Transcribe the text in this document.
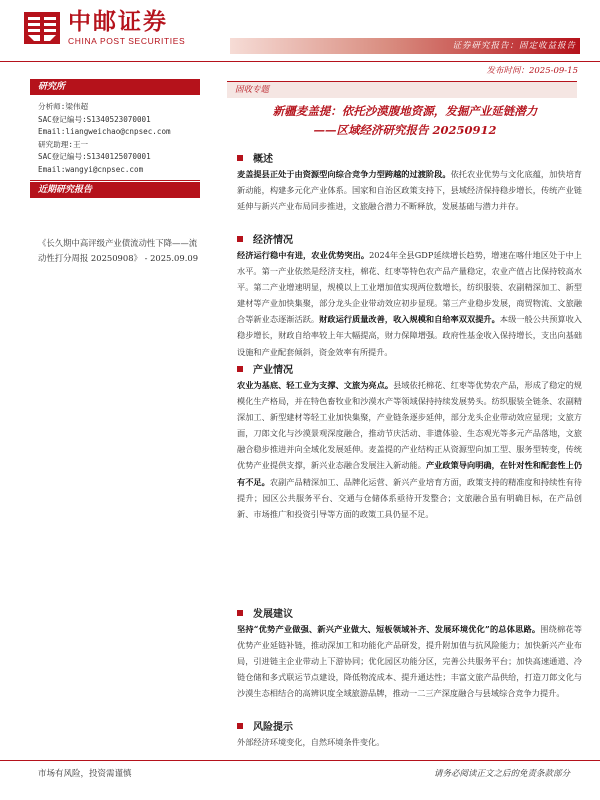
中邮证券
CHINA POST SECURITIES
证券研究报告：固定收益报告
发布时间：2025-09-15
研究所
分析师:梁伟超
SAC登记编号:S1340523070001
Email:liangweichao@cnpsec.com
研究助理:王一
SAC登记编号:S1340125070001
Email:wangyi@cnpsec.com
近期研究报告
《长久期中高评级产业债流动性下降——流动性打分周报 20250908》 - 2025.09.09
固收专题
新疆麦盖提：依托沙漠腹地资源，发掘产业延链潜力
——区域经济研究报告 20250912
概述
麦盖提县正处于由资源型向综合竞争力型跨越的过渡阶段。依托农业优势与文化底蕴，加快培育新动能，构建多元化产业体系。国家和自治区政策支持下，县域经济保持稳步增长，传统产业链延伸与新兴产业布局同步推进，文旅融合潜力不断释放，发展基础与潜力并存。
经济情况
经济运行稳中有进，农业优势突出。2024年全县GDP延续增长趋势，增速在喀什地区处于中上水平。第一产业依然是经济支柱，棉花、红枣等特色农产品产量稳定，农业产值占比保持较高水平。第二产业增速明显，规模以上工业增加值实现两位数增长，纺织服装、农副精深加工、新型建材等产业加快集聚，部分龙头企业带动效应初步显现。第三产业稳步发展，商贸物流、文旅融合等新业态逐渐活跃。财政运行质量改善，收入规模和自给率双双提升。本级一般公共预算收入稳步增长，财政自给率较上年大幅提高，财力保障增强。政府性基金收入保持增长，支出向基础设施和产业配套倾斜，资金效率有所提升。
产业情况
农业为基底、轻工业为支撑、文旅为亮点。县域依托棉花、红枣等优势农产品，形成了稳定的规模化生产格局，并在特色畜牧业和沙漠水产等领域保持持续发展势头。纺织服装全链条、农副精深加工、新型建材等轻工业加快集聚，产业链条逐步延伸，部分龙头企业带动效应显现；文旅方面，刀郎文化与沙漠景观深度融合，推动节庆活动、非遗体验、生态观光等多元产品落地，文旅融合稳步推进并向全域化发展延伸。麦盖提的产业结构正从资源型向加工型、服务型转变，传统优势产业提供支撑，新兴业态融合发展注入新动能。产业政策导向明确，在针对性和配套性上仍有不足。农副产品精深加工、品牌化运营、新兴产业培育方面，政策支持的精准度和持续性有待提升；园区公共服务平台、交通与仓储体系亟待开发整合；文旅融合虽有明确目标，在产品创新、市场推广和投资引导等方面的政策工具仍显不足。
发展建议
坚持“优势产业做强、新兴产业做大、短板领域补齐、发展环境优化”的总体思路。围绕棉花等优势产业延链补链，推动深加工和功能化产品研发，提升附加值与抗风险能力；加快新兴产业布局，引进链主企业带动上下游协同；优化园区功能分区，完善公共服务平台；加快高速通道、冷链仓储和多式联运节点建设，降低物流成本、提升通达性；丰富文旅产品供给，打造刀郎文化与沙漠生态相结合的高辨识度全域旅游品牌，推动一二三产深度融合与县域综合竞争力提升。
风险提示
外部经济环境变化，自然环境条件变化。
市场有风险，投资需谨慎	请务必阅读正文之后的免责条款部分
